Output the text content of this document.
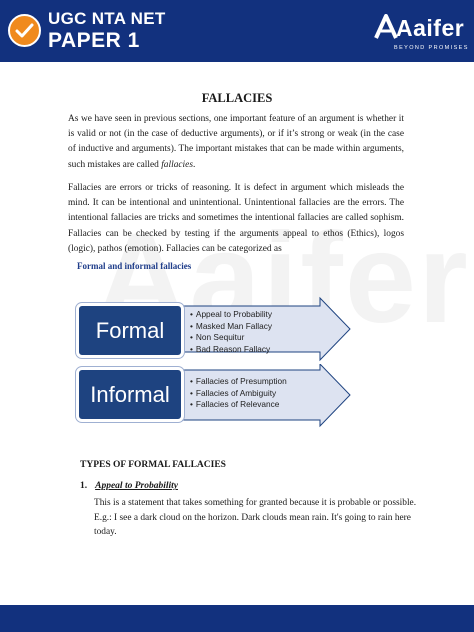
UGC NTA NET
PAPER 1	Aaifer
BEYOND PROMISES
FALLACIES

As we have seen in previous sections, one important feature of an argument is whether it is valid or not (in the case of deductive arguments), or if it’s strong or weak (in the case of inductive and arguments). The important mistakes that can be made within arguments, such mistakes are called fallacies.

Fallacies are errors or tricks of reasoning. It is defect in argument which misleads the mind. It can be intentional and unintentional. Unintentional fallacies are the errors. The intentional fallacies are tricks and sometimes the intentional fallacies are called sophism. Fallacies can be checked by testing if the arguments appeal to ethos (Ethics), logos (logic), pathos (emotion). Fallacies can be categorized as

Formal and informal fallacies
Formal
• Appeal to Probability
• Masked Man Fallacy
• Non Sequitur
• Bad Reason Fallacy
Informal
• Fallacies of Presumption
• Fallacies of Ambiguity
• Fallacies of Relevance
TYPES OF FORMAL FALLACIES
1. Appeal to Probability

This is a statement that takes something for granted because it is probable or possible. E.g.: I see a dark cloud on the horizon. Dark clouds mean rain. It's going to rain here today.
